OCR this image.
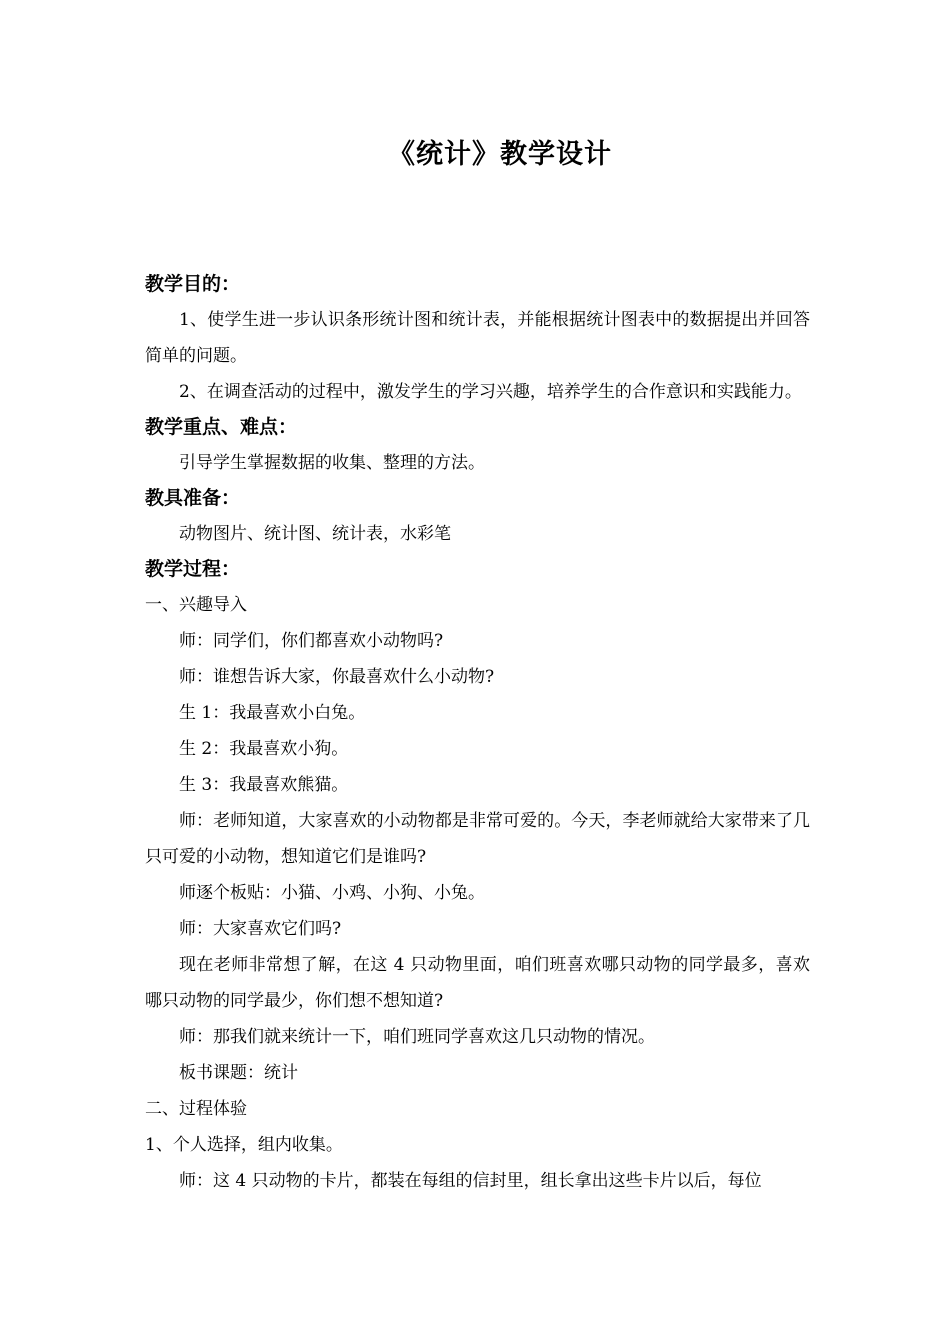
《统计》教学设计
教学目的：
1、使学生进一步认识条形统计图和统计表，并能根据统计图表中的数据提出并回答简单的问题。
2、在调查活动的过程中，激发学生的学习兴趣，培养学生的合作意识和实践能力。
教学重点、难点：
引导学生掌握数据的收集、整理的方法。
教具准备：
动物图片、统计图、统计表，水彩笔
教学过程：
一、兴趣导入
师：同学们，你们都喜欢小动物吗?
师：谁想告诉大家，你最喜欢什么小动物?
生 1：我最喜欢小白兔。
生 2：我最喜欢小狗。
生 3：我最喜欢熊猫。
师：老师知道，大家喜欢的小动物都是非常可爱的。今天，李老师就给大家带来了几只可爱的小动物，想知道它们是谁吗?
师逐个板贴：小猫、小鸡、小狗、小兔。
师：大家喜欢它们吗?
现在老师非常想了解，在这 4 只动物里面，咱们班喜欢哪只动物的同学最多，喜欢哪只动物的同学最少，你们想不想知道?
师：那我们就来统计一下，咱们班同学喜欢这几只动物的情况。
板书课题：统计
二、过程体验
1、个人选择，组内收集。
师：这 4 只动物的卡片，都装在每组的信封里，组长拿出这些卡片以后，每位
